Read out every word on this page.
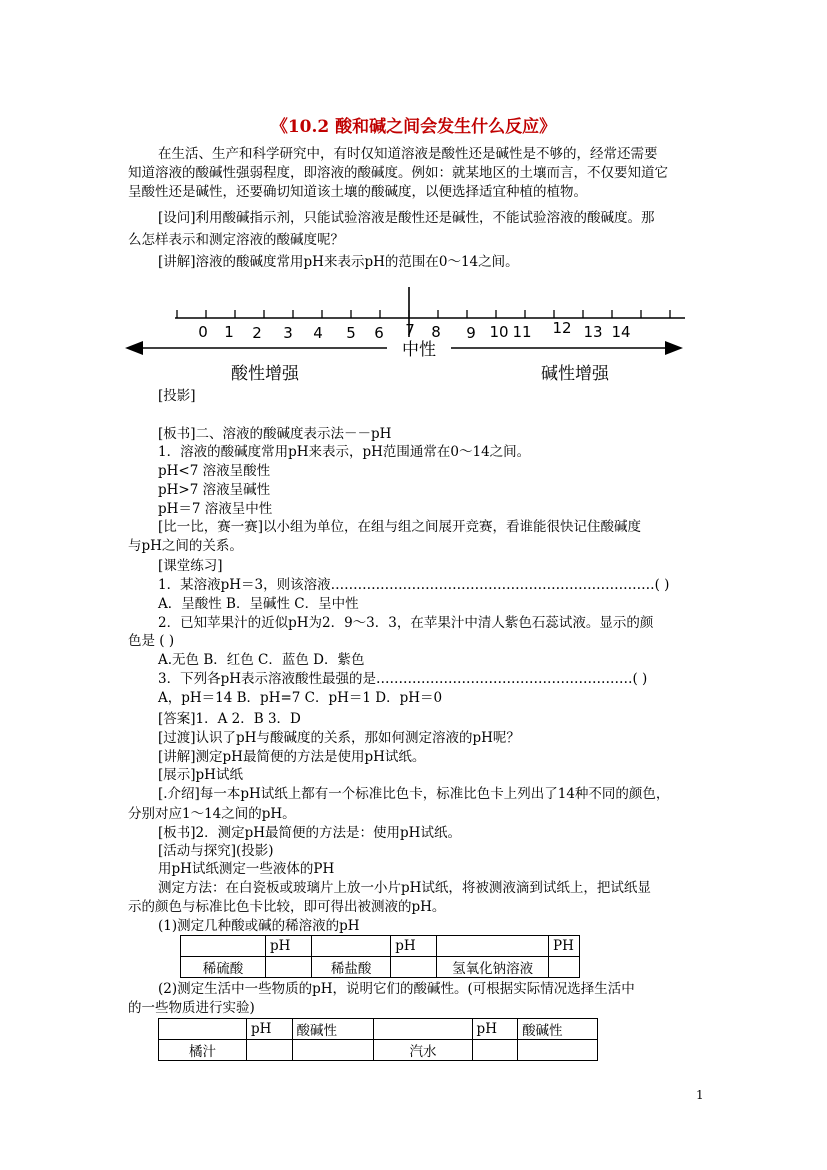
《10.2 酸和碱之间会发生什么反应》
在生活、生产和科学研究中，有时仅知道溶液是酸性还是碱性是不够的，经常还需要
知道溶液的酸碱性强弱程度，即溶液的酸碱度。例如：就某地区的土壤而言，不仅要知道它
呈酸性还是碱性，还要确切知道该土壤的酸碱度，以便选择适宜种植的植物。
[设问]利用酸碱指示剂，只能试验溶液是酸性还是碱性，不能试验溶液的酸碱度。那
么怎样表示和测定溶液的酸碱度呢？
[讲解]溶液的酸碱度常用pH来表示pH的范围在0～14之间。
0 1 2 3 4 5 6 7 8 9 10 11 12 13 14
中性
酸性增强	碱性增强
[投影]
[板书]二、溶液的酸碱度表示法－－pH
1．溶液的酸碱度常用pH来表示，pH范围通常在0～14之间。
pH<7 溶液呈酸性
pH>7 溶液呈碱性
pH＝7 溶液呈中性
[比一比，赛一赛]以小组为单位，在组与组之间展开竞赛，看谁能很快记住酸碱度
与pH之间的关系。
[课堂练习]
1．某溶液pH＝3，则该溶液………………………………………………………………( )
A．呈酸性 B．呈碱性 C．呈中性
2．已知苹果汁的近似pH为2．9～3．3，在苹果汁中清人紫色石蕊试液。显示的颜
色是 ( )
A.无色 B．红色 C．蓝色 D．紫色
3．下列各pH表示溶液酸性最强的是…………………………………………………( )
A，pH＝14 B．pH=7 C．pH＝1 D．pH＝0
[答案]1．A 2．B 3．D
[过渡]认识了pH与酸碱度的关系，那如何测定溶液的pH呢？
[讲解]测定pH最简便的方法是使用pH试纸。
[展示]pH试纸
[.介绍]每一本pH试纸上都有一个标准比色卡，标准比色卡上列出了14种不同的颜色，
分别对应1～14之间的pH。
[板书]2．测定pH最简便的方法是：使用pH试纸。
[活动与探究](投影)
用pH试纸测定一些液体的PH
测定方法：在白瓷板或玻璃片上放一小片pH试纸，将被测液滴到试纸上，把试纸显
示的颜色与标准比色卡比较，即可得出被测液的pH。
(1)测定几种酸或碱的稀溶液的pH
	pH		pH		PH
稀硫酸		稀盐酸		氢氧化钠溶液	
(2)测定生活中一些物质的pH，说明它们的酸碱性。(可根据实际情况选择生活中
的一些物质进行实验)
	pH	酸碱性		pH	酸碱性
橘汁			汽水		
1
